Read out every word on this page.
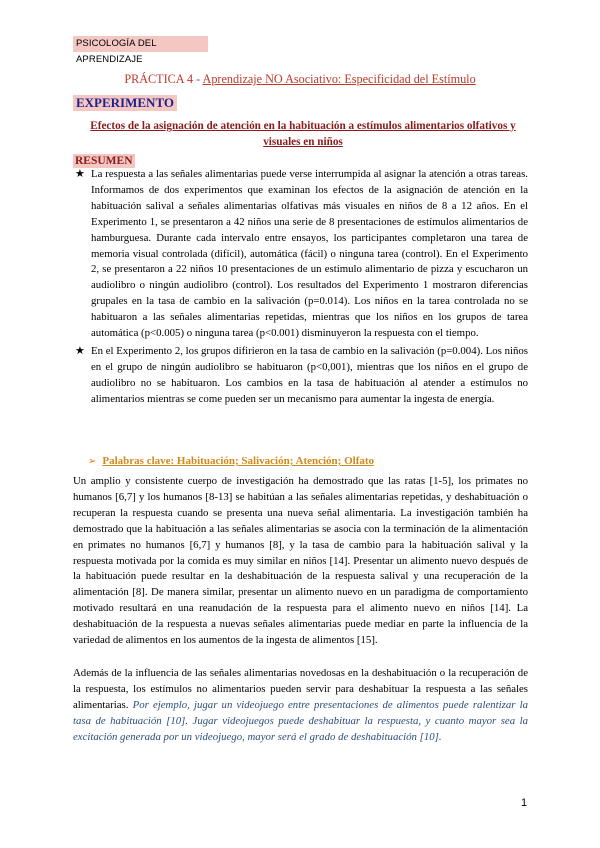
PSICOLOGÍA DEL APRENDIZAJE
PRÁCTICA 4 - Aprendizaje NO Asociativo: Especificidad del Estímulo
EXPERIMENTO
Efectos de la asignación de atención en la habituación a estímulos alimentarios olfativos y visuales en niños
RESUMEN
★ La respuesta a las señales alimentarias puede verse interrumpida al asignar la atención a otras tareas. Informamos de dos experimentos que examinan los efectos de la asignación de atención en la habituación salival a señales alimentarias olfativas más visuales en niños de 8 a 12 años. En el Experimento 1, se presentaron a 42 niños una serie de 8 presentaciones de estímulos alimentarios de hamburguesa. Durante cada intervalo entre ensayos, los participantes completaron una tarea de memoria visual controlada (difícil), automática (fácil) o ninguna tarea (control). En el Experimento 2, se presentaron a 22 niños 10 presentaciones de un estímulo alimentario de pizza y escucharon un audiolibro o ningún audiolibro (control). Los resultados del Experimento 1 mostraron diferencias grupales en la tasa de cambio en la salivación (p=0.014). Los niños en la tarea controlada no se habituaron a las señales alimentarias repetidas, mientras que los niños en los grupos de tarea automática (p<0.005) o ninguna tarea (p<0.001) disminuyeron la respuesta con el tiempo.
★ En el Experimento 2, los grupos difirieron en la tasa de cambio en la salivación (p=0.004). Los niños en el grupo de ningún audiolibro se habituaron (p<0,001), mientras que los niños en el grupo de audiolibro no se habituaron. Los cambios en la tasa de habituación al atender a estímulos no alimentarios mientras se come pueden ser un mecanismo para aumentar la ingesta de energía.
➢ Palabras clave: Habituación; Salivación; Atención; Olfato
Un amplio y consistente cuerpo de investigación ha demostrado que las ratas [1-5], los primates no humanos [6,7] y los humanos [8-13] se habitúan a las señales alimentarias repetidas, y deshabituación o recuperan la respuesta cuando se presenta una nueva señal alimentaria. La investigación también ha demostrado que la habituación a las señales alimentarias se asocia con la terminación de la alimentación en primates no humanos [6,7] y humanos [8], y la tasa de cambio para la habituación salival y la respuesta motivada por la comida es muy similar en niños [14]. Presentar un alimento nuevo después de la habituación puede resultar en la deshabituación de la respuesta salival y una recuperación de la alimentación [8]. De manera similar, presentar un alimento nuevo en un paradigma de comportamiento motivado resultará en una reanudación de la respuesta para el alimento nuevo en niños [14]. La deshabituación de la respuesta a nuevas señales alimentarias puede mediar en parte la influencia de la variedad de alimentos en los aumentos de la ingesta de alimentos [15].
Además de la influencia de las señales alimentarias novedosas en la deshabituación o la recuperación de la respuesta, los estímulos no alimentarios pueden servir para deshabituar la respuesta a las señales alimentarias. Por ejemplo, jugar un videojuego entre presentaciones de alimentos puede ralentizar la tasa de habituación [10]. Jugar videojuegos puede deshabituar la respuesta, y cuanto mayor sea la excitación generada por un videojuego, mayor será el grado de deshabituación [10].
1
